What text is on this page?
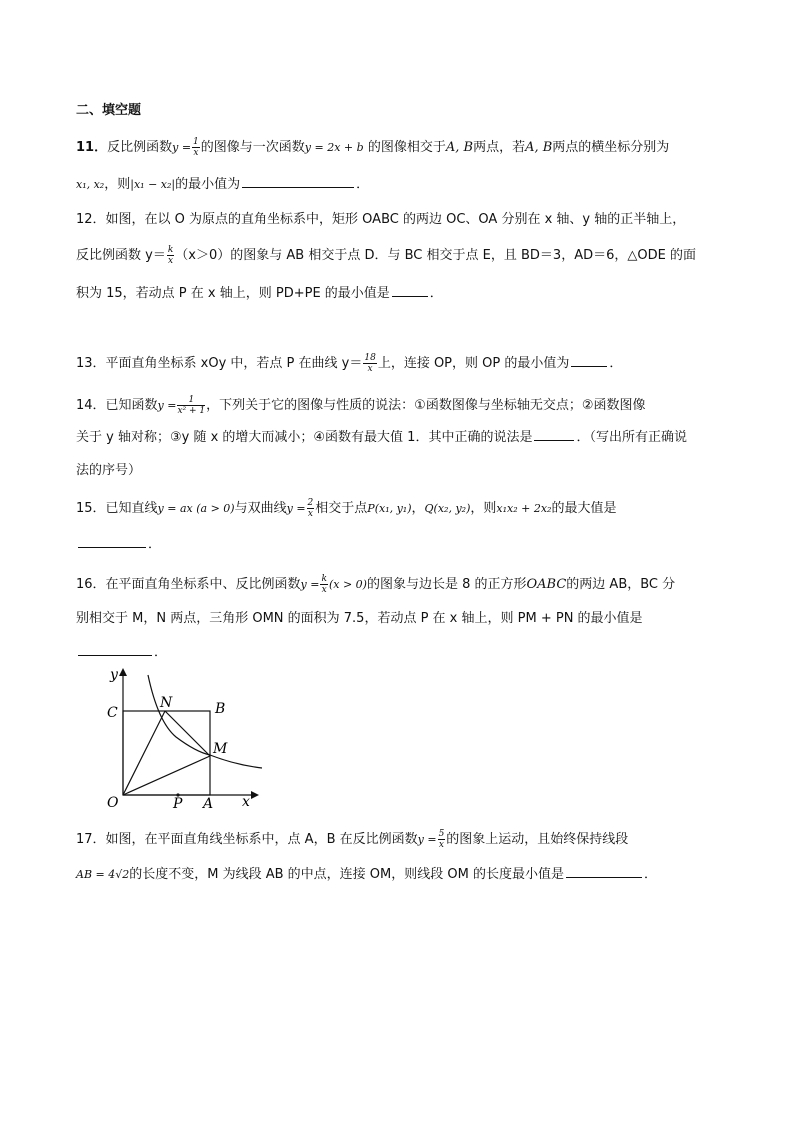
二、填空题
11．反比例函数$y = \frac{1}{x}$ 的图像与一次函数y = 2x + b 的图像相交于A, B两点，若A, B两点的横坐标分别为
x₁, x₂，则|x₁ − x₂|的最小值为	．
12．如图，在以 O 为原点的直角坐标系中，矩形 OABC 的两边 OC、OA 分别在 x 轴、y 轴的正半轴上，
反比例函数 $y= \frac{k}{x} (x>0)$的图象与 AB 相交于点 D．与 BC 相交于点 E，且 BD＝3，AD＝6，△ODE 的面
积为 15，若动点 P 在 x 轴上，则 PD+PE 的最小值是	．
13．平面直角坐标系 xOy 中，若点 P 在曲线 $y= \frac{18}{x}$ 上，连接 OP，则 OP 的最小值为	．
14．已知函数$y = \frac{1}{\text{x² + 1}}$ ，下列关于它的图像与性质的说法：①函数图像与坐标轴无交点；②函数图像
关于 y 轴对称；③y 随 x 的增大而减小；④函数有最大值 1．其中正确的说法是	．（写出所有正确说
法的序号）
15．已知直线y = ax (a > 0)与双曲线$y = \frac{2}{x}$ 相交于点P(x₁, y₁)，Q(x₂, y₂)，则x₁x₂ + 2x₂的最大值是
．
16．在平面直角坐标系中、反比例函数$y = \frac{k}{x} (x > 0)$的图象与边长是 8 的正方形OABC的两边 AB，BC 分
别相交于 M，N 两点，三角形 OMN 的面积为 7.5，若动点 P 在 x 轴上，则 PM + PN 的最小值是
．
y
x
C
N	B
M
O	P A
17．如图，在平面直角线坐标系中，点 A，B 在反比例函数$y = \frac{5}{x}$ 的图象上运动，且始终保持线段
AB = 4√2的长度不变，M 为线段 AB 的中点，连接 OM，则线段 OM 的长度最小值是	．
